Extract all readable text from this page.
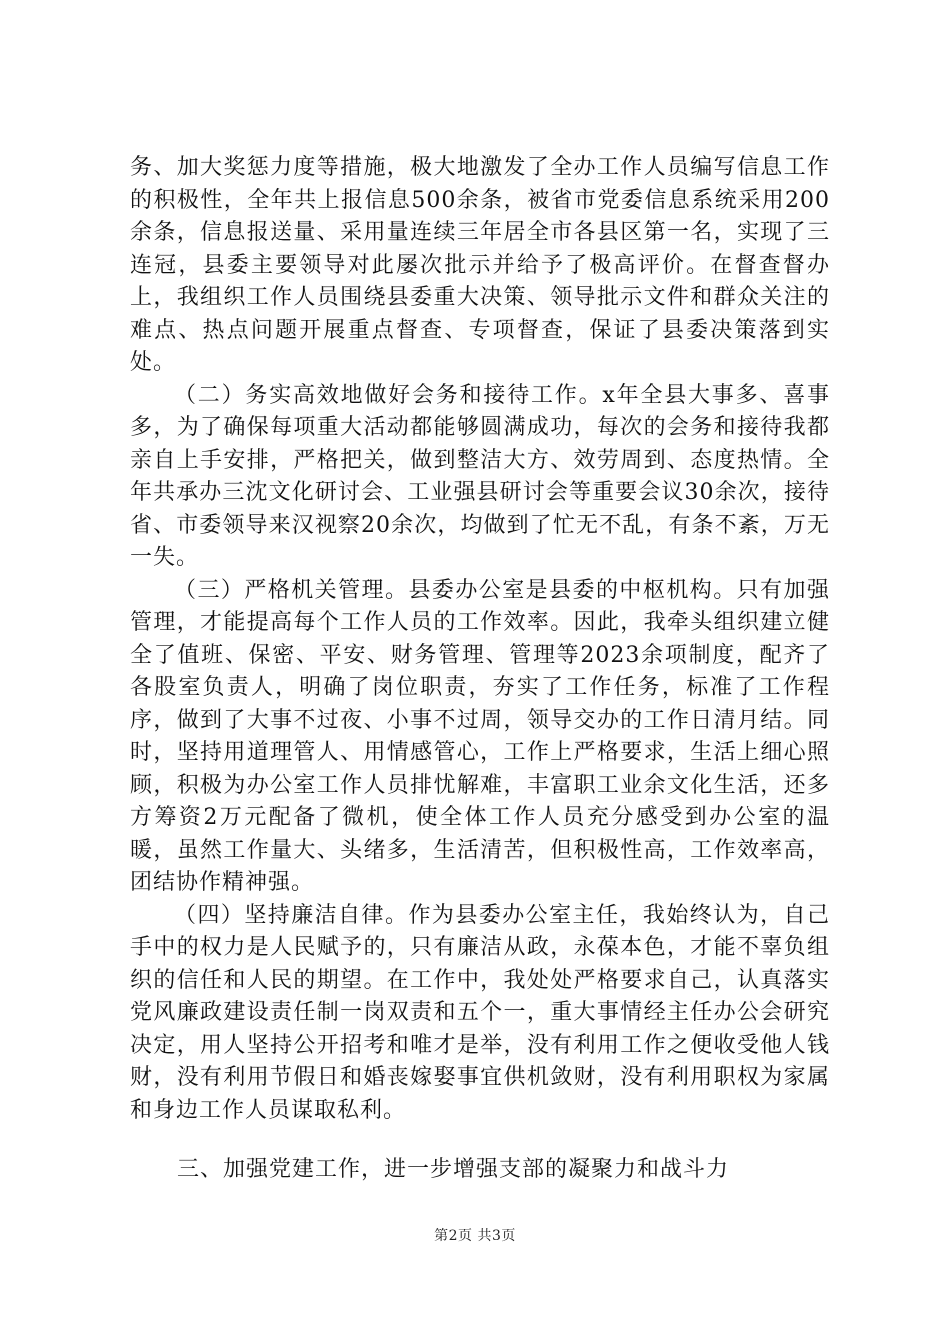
务、加大奖惩力度等措施，极大地激发了全办工作人员编写信息工作的积极性，全年共上报信息500余条，被省市党委信息系统采用200余条，信息报送量、采用量连续三年居全市各县区第一名，实现了三连冠，县委主要领导对此屡次批示并给予了极高评价。在督查督办上，我组织工作人员围绕县委重大决策、领导批示文件和群众关注的难点、热点问题开展重点督查、专项督查，保证了县委决策落到实处。

（二）务实高效地做好会务和接待工作。x年全县大事多、喜事多，为了确保每项重大活动都能够圆满成功，每次的会务和接待我都亲自上手安排，严格把关，做到整洁大方、效劳周到、态度热情。全年共承办三沈文化研讨会、工业强县研讨会等重要会议30余次，接待省、市委领导来汉视察20余次，均做到了忙无不乱，有条不紊，万无一失。

（三）严格机关管理。县委办公室是县委的中枢机构。只有加强管理，才能提高每个工作人员的工作效率。因此，我牵头组织建立健全了值班、保密、平安、财务管理、管理等2023余项制度，配齐了各股室负责人，明确了岗位职责，夯实了工作任务，标准了工作程序，做到了大事不过夜、小事不过周，领导交办的工作日清月结。同时，坚持用道理管人、用情感管心，工作上严格要求，生活上细心照顾，积极为办公室工作人员排忧解难，丰富职工业余文化生活，还多方筹资2万元配备了微机，使全体工作人员充分感受到办公室的温暖，虽然工作量大、头绪多，生活清苦，但积极性高，工作效率高，团结协作精神强。

（四）坚持廉洁自律。作为县委办公室主任，我始终认为，自己手中的权力是人民赋予的，只有廉洁从政，永葆本色，才能不辜负组织的信任和人民的期望。在工作中，我处处严格要求自己，认真落实党风廉政建设责任制一岗双责和五个一，重大事情经主任办公会研究决定，用人坚持公开招考和唯才是举，没有利用工作之便收受他人钱财，没有利用节假日和婚丧嫁娶事宜供机敛财，没有利用职权为家属和身边工作人员谋取私利。

三、加强党建工作，进一步增强支部的凝聚力和战斗力

第2页 共3页
